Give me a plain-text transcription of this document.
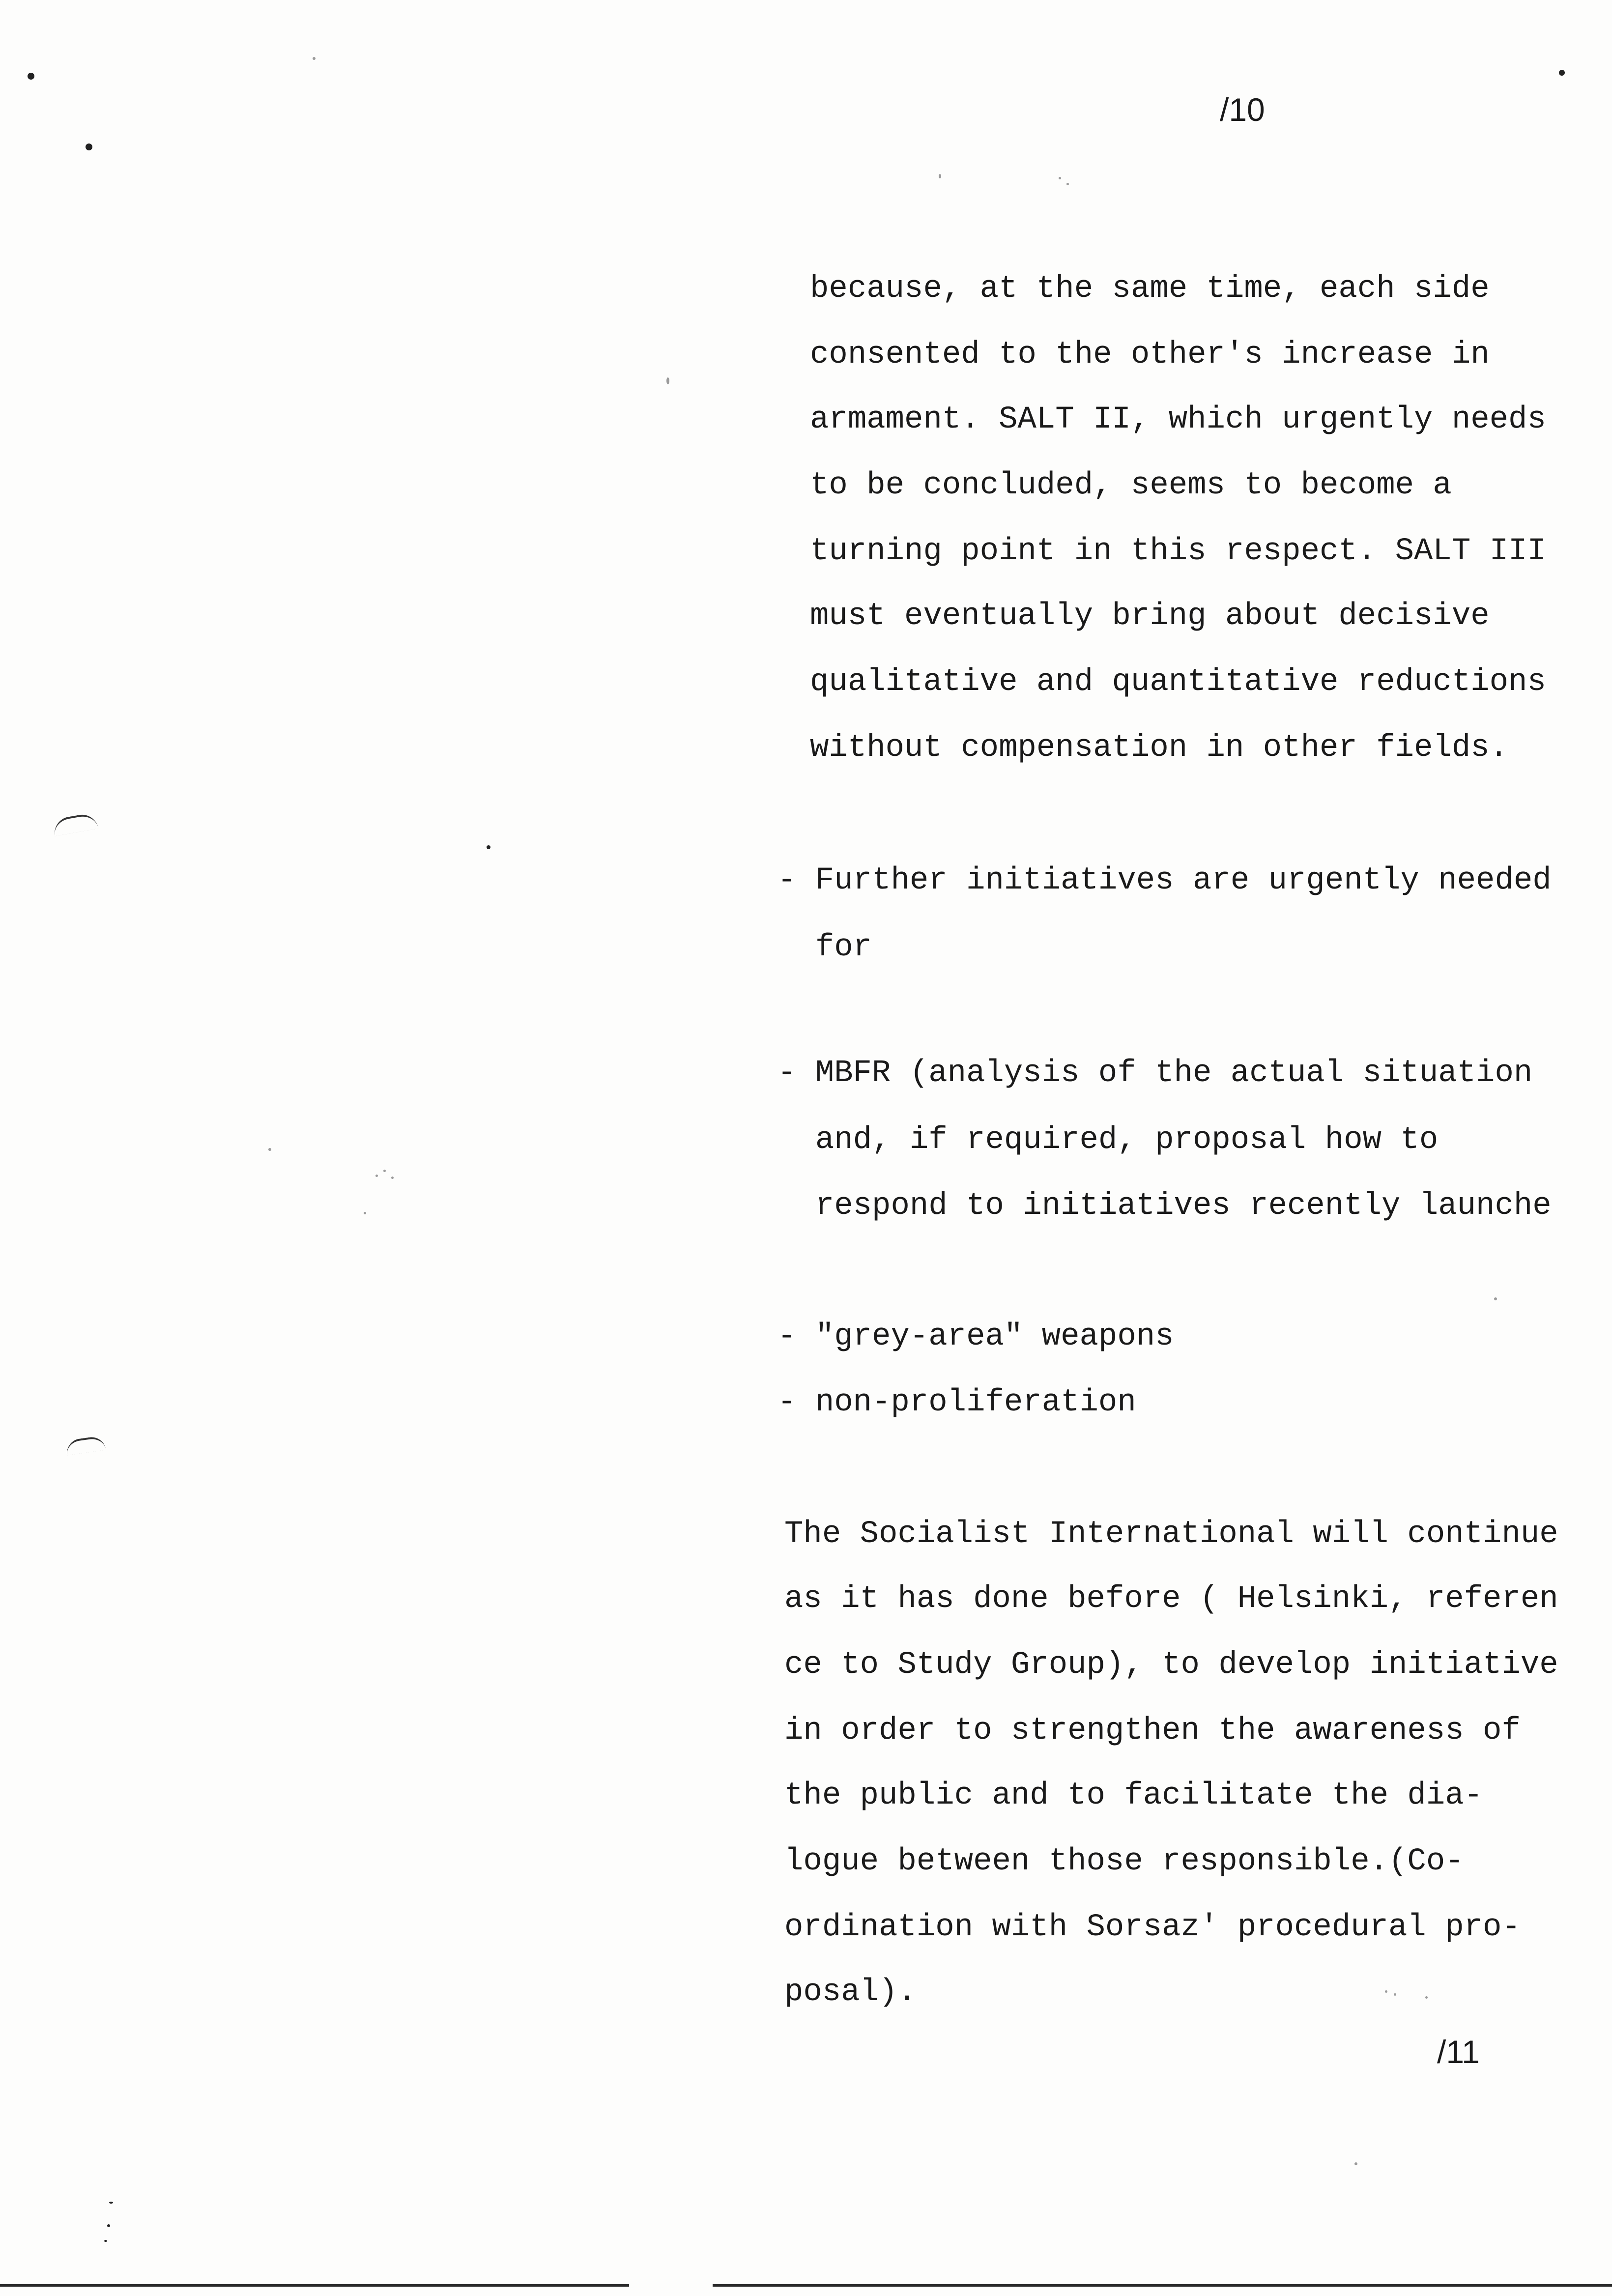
/10
because, at the same time, each side
consented to the other's increase in
armament. SALT II, which urgently needs
to be concluded, seems to become a
turning point in this respect. SALT III
must eventually bring about decisive
qualitative and quantitative reductions
without compensation in other fields.
- Further initiatives are urgently needed
for
- MBFR (analysis of the actual situation
and, if required, proposal how to
respond to initiatives recently launche
- "grey-area" weapons
- non-proliferation
The Socialist International will continue
as it has done before ( Helsinki, referen
ce to Study Group), to develop initiative
in order to strengthen the awareness of
the public and to facilitate the dia-
logue between those responsible.(Co-
ordination with Sorsaz' procedural pro-
posal).
/11
